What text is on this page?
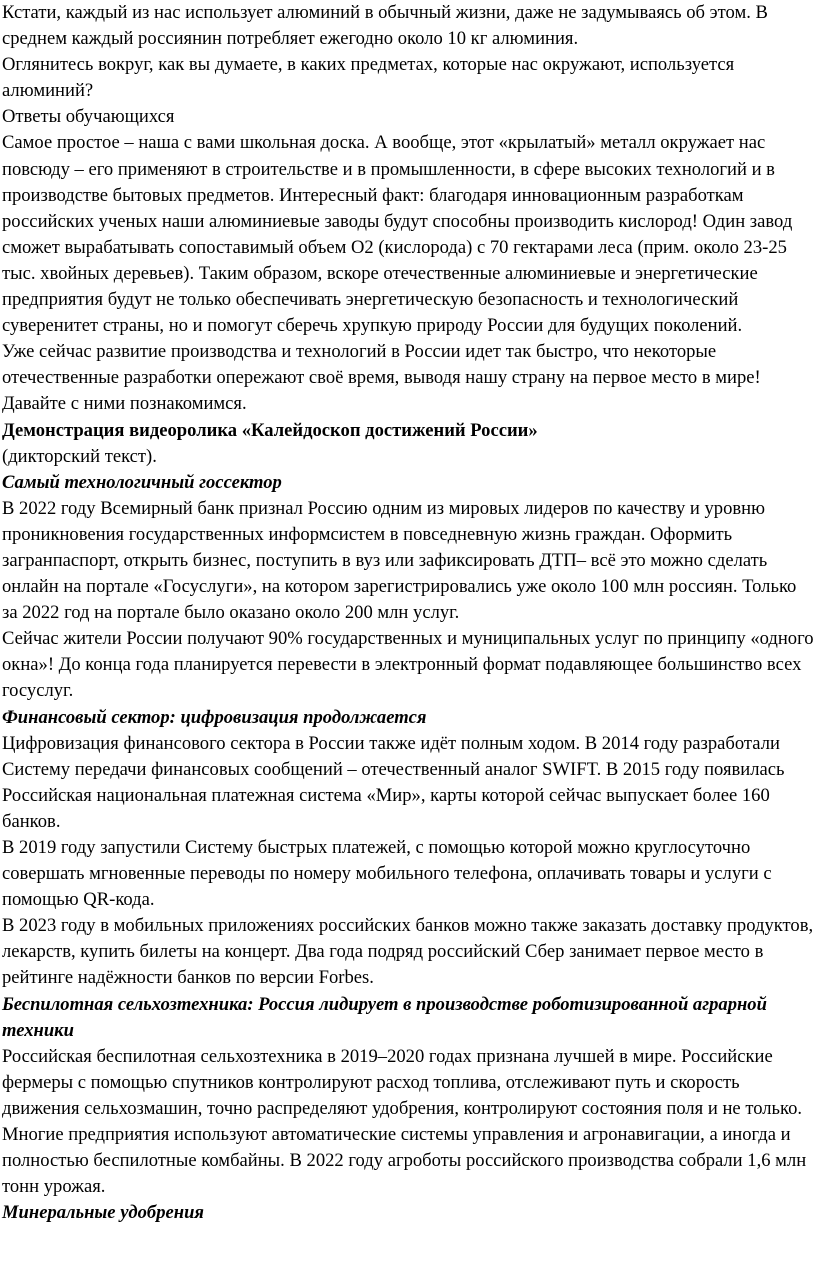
Кстати, каждый из нас использует алюминий в обычный жизни, даже не задумываясь об этом. В среднем каждый россиянин потребляет ежегодно около 10 кг алюминия.

Оглянитесь вокруг, как вы думаете, в каких предметах, которые нас окружают, используется алюминий?

Ответы обучающихся

Самое простое – наша с вами школьная доска. А вообще, этот «крылатый» металл окружает нас повсюду – его применяют в строительстве и в промышленности, в сфере высоких технологий и в производстве бытовых предметов. Интересный факт: благодаря инновационным разработкам российских ученых наши алюминиевые заводы будут способны производить кислород! Один завод сможет вырабатывать сопоставимый объем O2 (кислорода) с 70 гектарами леса (прим. около 23-25 тыс. хвойных деревьев). Таким образом, вскоре отечественные алюминиевые и энергетические предприятия будут не только обеспечивать энергетическую безопасность и технологический суверенитет страны, но и помогут сберечь хрупкую природу России для будущих поколений.

Уже сейчас развитие производства и технологий в России идет так быстро, что некоторые отечественные разработки опережают своё время, выводя нашу страну на первое место в мире! Давайте с ними познакомимся.

Демонстрация видеоролика «Калейдоскоп достижений России»

(дикторский текст).

Самый технологичный госсектор

В 2022 году Всемирный банк признал Россию одним из мировых лидеров по качеству и уровню проникновения государственных информсистем в повседневную жизнь граждан. Оформить загранпаспорт, открыть бизнес, поступить в вуз или зафиксировать ДТП– всё это можно сделать онлайн на портале «Госуслуги», на котором зарегистрировались уже около 100 млн россиян. Только за 2022 год на портале было оказано около 200 млн услуг.

Сейчас жители России получают 90% государственных и муниципальных услуг по принципу «одного окна»! До конца года планируется перевести в электронный формат подавляющее большинство всех госуслуг.

Финансовый сектор: цифровизация продолжается

Цифровизация финансового сектора в России также идёт полным ходом. В 2014 году разработали Систему передачи финансовых сообщений – отечественный аналог SWIFT. В 2015 году появилась Российская национальная платежная система «Мир», карты которой сейчас выпускает более 160 банков.

В 2019 году запустили Систему быстрых платежей, с помощью которой можно круглосуточно совершать мгновенные переводы по номеру мобильного телефона, оплачивать товары и услуги с помощью QR-кода.

В 2023 году в мобильных приложениях российских банков можно также заказать доставку продуктов, лекарств, купить билеты на концерт. Два года подряд российский Сбер занимает первое место в рейтинге надёжности банков по версии Forbes.

Беспилотная сельхозтехника: Россия лидирует в производстве роботизированной аграрной техники

Российская беспилотная сельхозтехника в 2019–2020 годах признана лучшей в мире. Российские фермеры с помощью спутников контролируют расход топлива, отслеживают путь и скорость движения сельхозмашин, точно распределяют удобрения, контролируют состояния поля и не только. Многие предприятия используют автоматические системы управления и агронавигации, а иногда и полностью беспилотные комбайны. В 2022 году агроботы российского производства собрали 1,6 млн тонн урожая.

Минеральные удобрения
